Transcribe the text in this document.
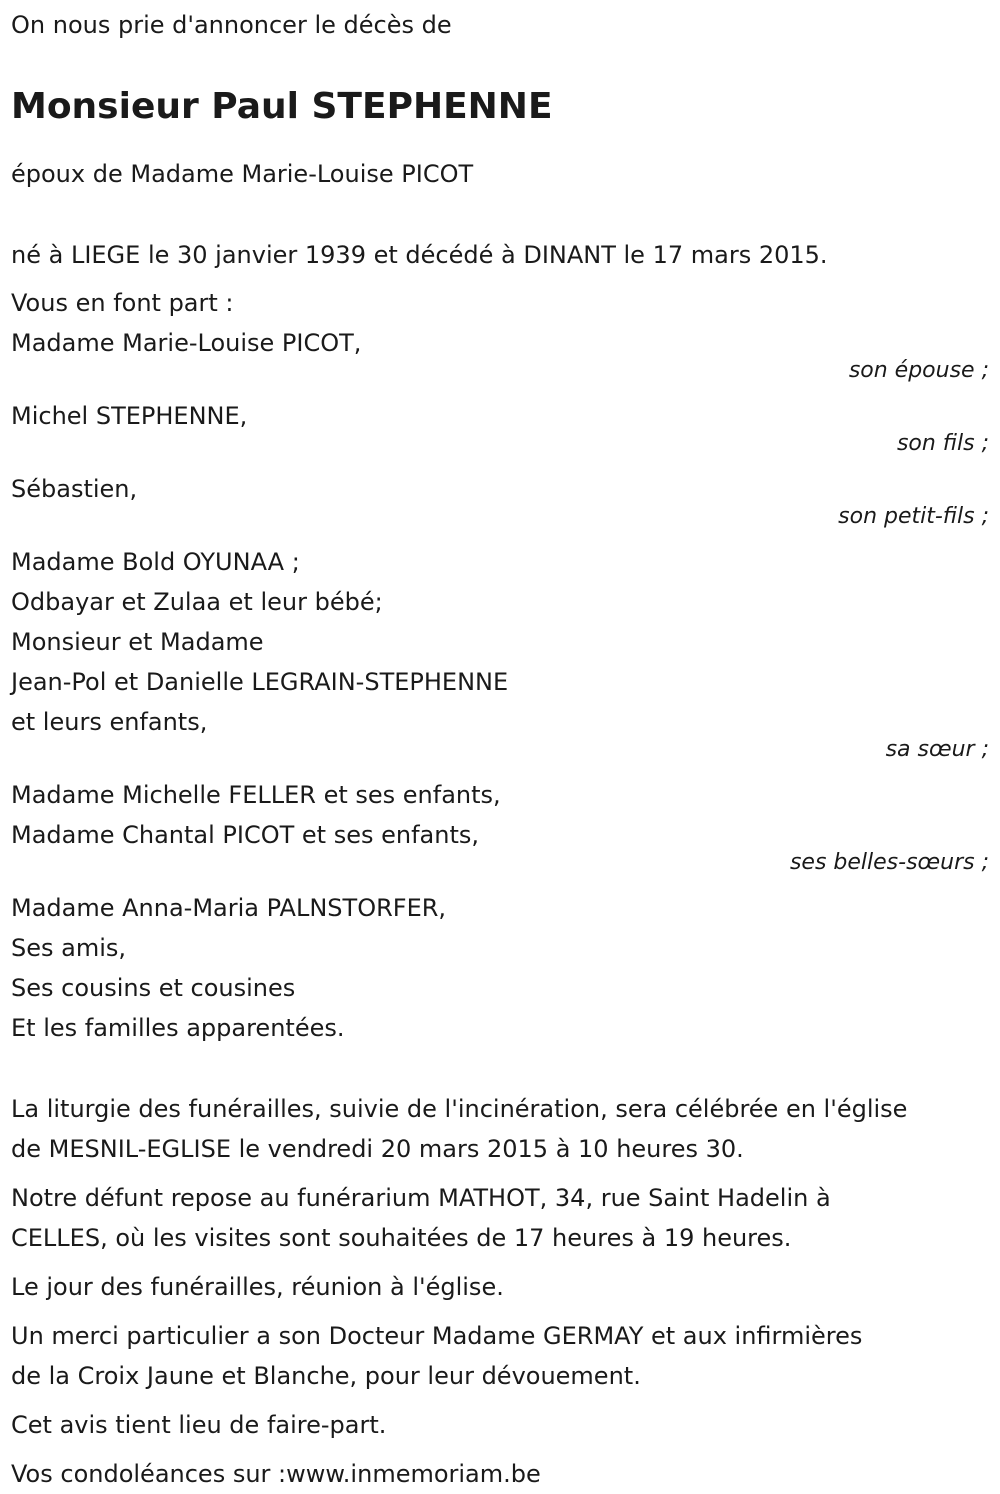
On nous prie d'annoncer le décès de
Monsieur Paul STEPHENNE
époux de Madame Marie-Louise PICOT
né à LIEGE le 30 janvier 1939 et décédé à DINANT le 17 mars 2015.
Vous en font part :
Madame Marie-Louise PICOT,
son épouse ;
Michel STEPHENNE,
son fils ;
Sébastien,
son petit-fils ;
Madame Bold OYUNAA ;
Odbayar et Zulaa et leur bébé;
Monsieur et Madame
Jean-Pol et Danielle LEGRAIN-STEPHENNE
et leurs enfants,
sa sœur ;
Madame Michelle FELLER et ses enfants,
Madame Chantal PICOT et ses enfants,
ses belles-sœurs ;
Madame Anna-Maria PALNSTORFER,
Ses amis,
Ses cousins et cousines
Et les familles apparentées.
La liturgie des funérailles, suivie de l'incinération, sera célébrée en l'église
de MESNIL-EGLISE le vendredi 20 mars 2015 à 10 heures 30.
Notre défunt repose au funérarium MATHOT, 34, rue Saint Hadelin à
CELLES, où les visites sont souhaitées de 17 heures à 19 heures.
Le jour des funérailles, réunion à l'église.
Un merci particulier a son Docteur Madame GERMAY et aux infirmières
de la Croix Jaune et Blanche, pour leur dévouement.
Cet avis tient lieu de faire-part.
Vos condoléances sur :www.inmemoriam.be
